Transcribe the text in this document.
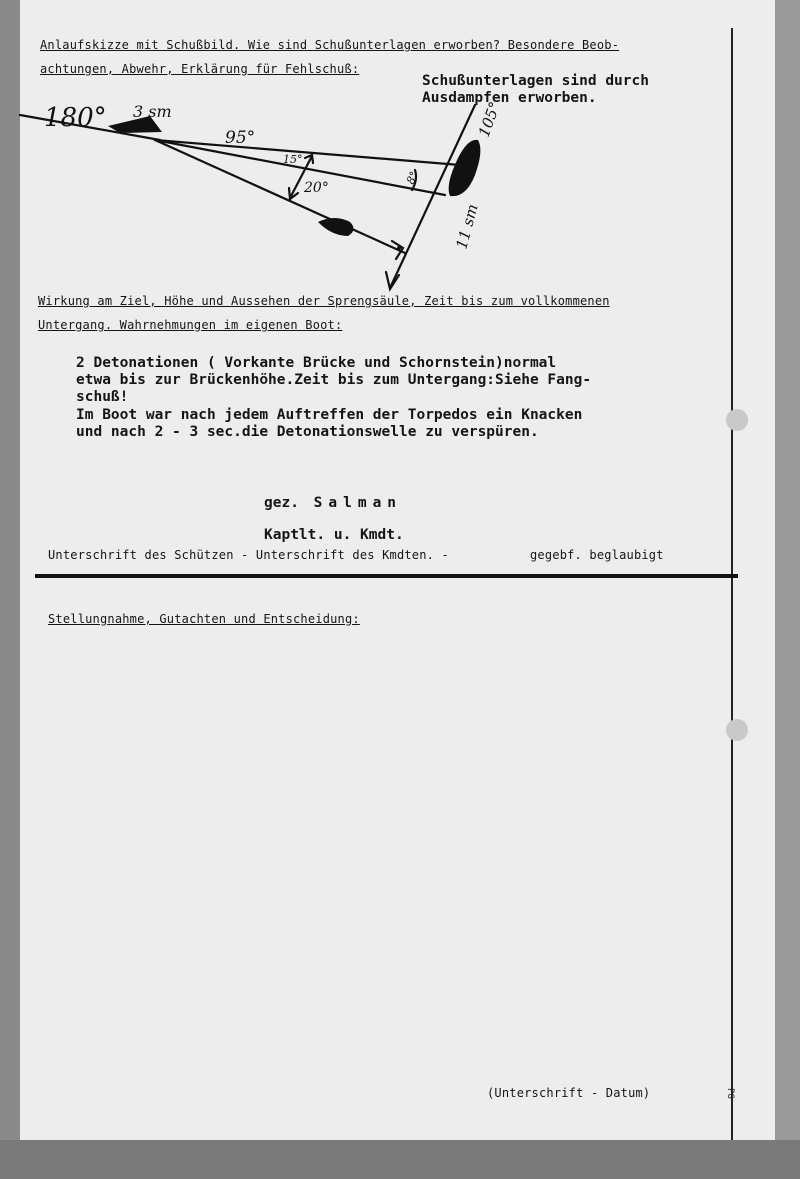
Anlaufskizze mit Schußbild. Wie sind Schußunterlagen erworben? Besondere Beob-
achtungen, Abwehr, Erklärung für Fehlschuß:
Schußunterlagen sind durch
Ausdampfen erworben.
180° 3 sm
95°
15°
20°
8°
105°
11 sm
Wirkung am Ziel, Höhe und Aussehen der Sprengsäule, Zeit bis zum vollkommenen
Untergang. Wahrnehmungen im eigenen Boot:
2 Detonationen ( Vorkante Brücke und Schornstein)normal
etwa bis zur Brückenhöhe.Zeit bis zum Untergang:Siehe Fang-
schuß!
Im Boot war nach jedem Auftreffen der Torpedos ein Knacken
und nach 2 - 3 sec.die Detonationswelle zu verspüren.
gez. Salman
Kaptlt. u. Kmdt.
Unterschrift des Schützen - Unterschrift des Kmdten. -	gegebf. beglaubigt
Stellungnahme, Gutachten und Entscheidung:
(Unterschrift - Datum)	PG
